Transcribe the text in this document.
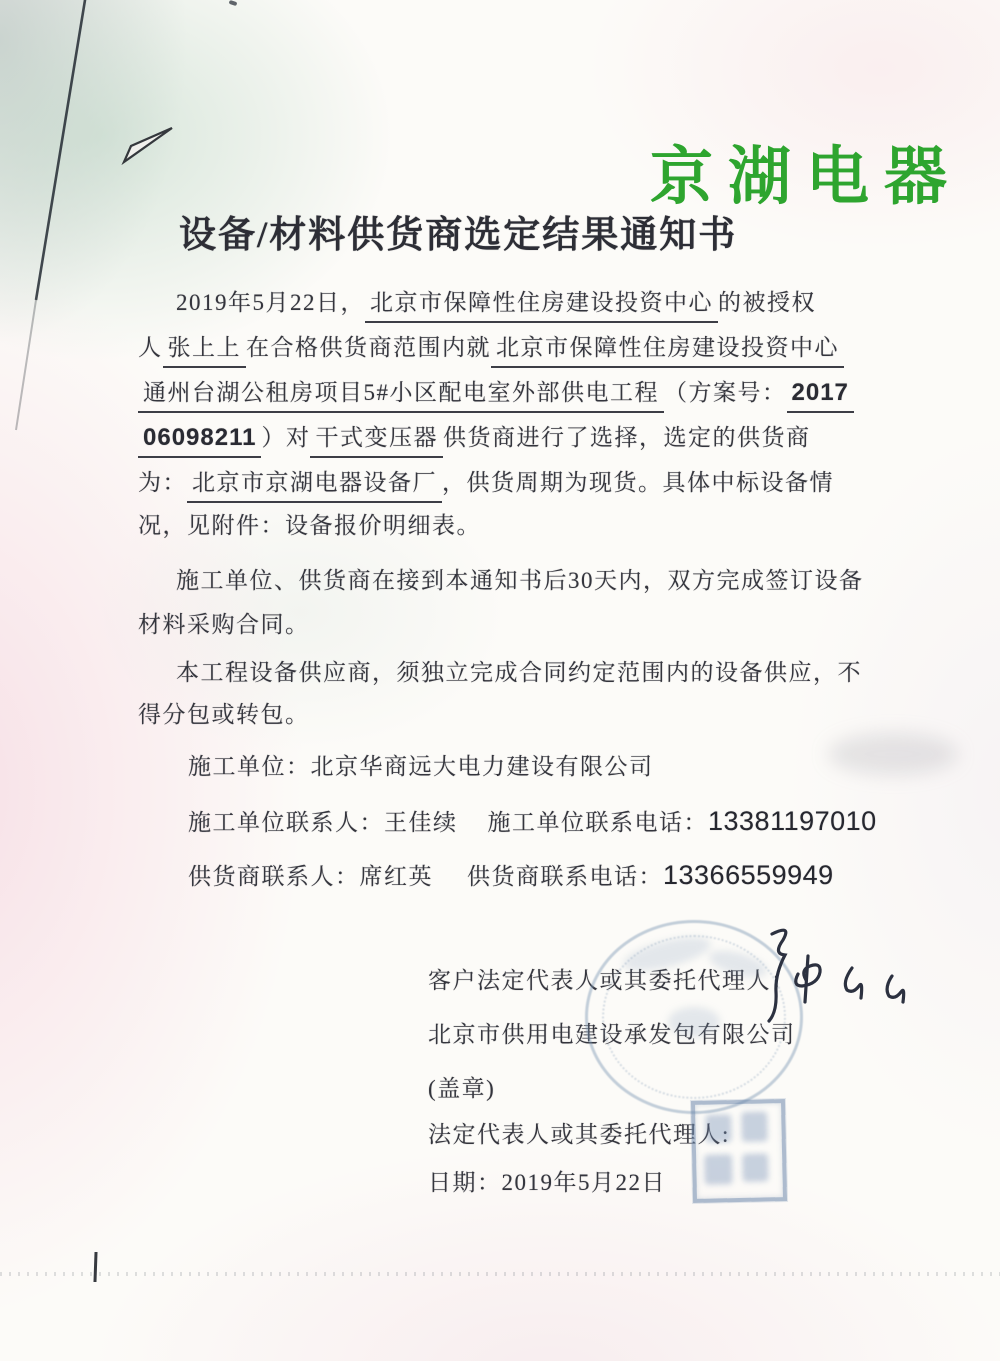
京湖电器
设备/材料供货商选定结果通知书
2019年5月22日， 北京市保障性住房建设投资中心的被授权
人 张上上 在合格供货商范围内就 北京市保障性住房建设投资中心
通州台湖公租房项目5#小区配电室外部供电工程 （方案号： 2017
06098211 ）对 干式变压器 供货商进行了选择，选定的供货商
为： 北京市京湖电器设备厂 ，供货周期为现货。具体中标设备情
况，见附件：设备报价明细表。
施工单位、供货商在接到本通知书后30天内，双方完成签订设备
材料采购合同。
本工程设备供应商，须独立完成合同约定范围内的设备供应，不
得分包或转包。
施工单位：北京华商远大电力建设有限公司
施工单位联系人：王佳续 施工单位联系电话：13381197010
供货商联系人：席红英 供货商联系电话：13366559949
客户法定代表人或其委托代理人：
北京市供用电建设承发包有限公司
(盖章)
法定代表人或其委托代理人:
日期：2019年5月22日
